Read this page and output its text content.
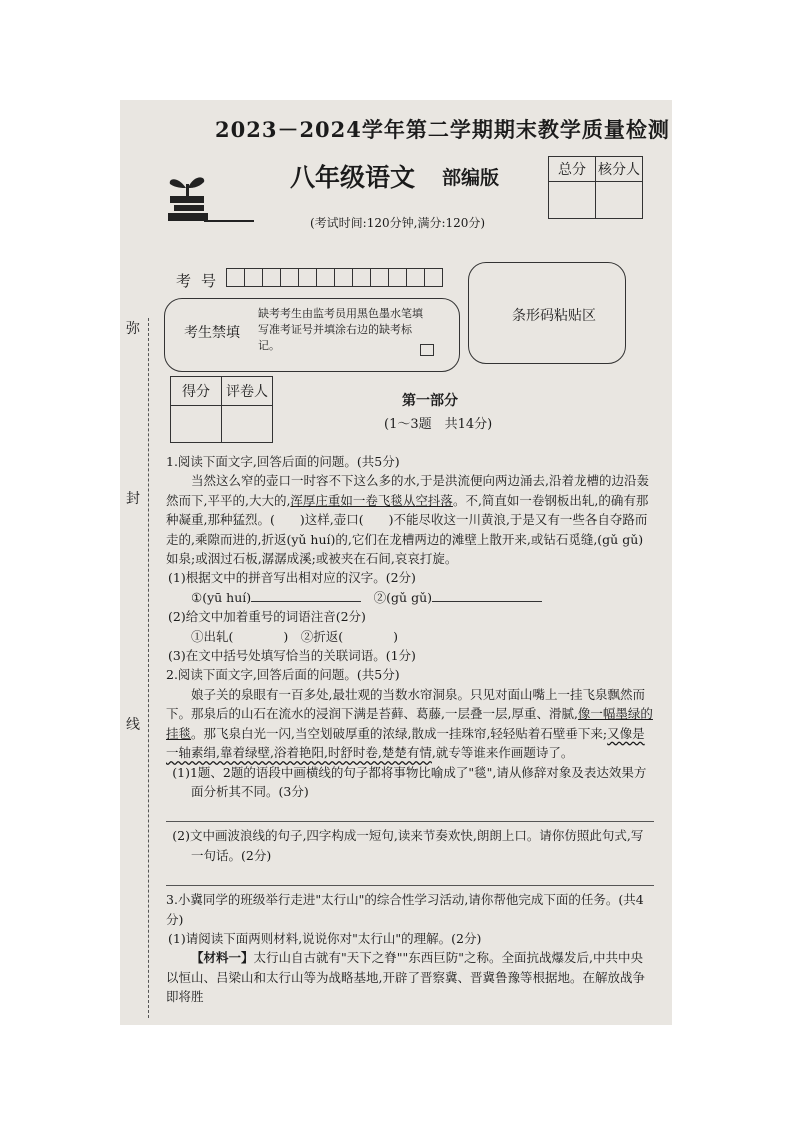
2023－2024学年第二学期期末教学质量检测
八年级语文 部编版
(考试时间:120分钟,满分:120分)
总分	核分人

弥
封
线
考号
考生禁填
缺考考生由监考员用黑色墨水笔填写准考证号并填涂右边的缺考标记。
条形码粘贴区
得分	评卷人

第一部分
(1～3题　共14分)

1.阅读下面文字,回答后面的问题。(共5分)

当然这么窄的壶口一时容不下这么多的水,于是洪流便向两边涌去,沿着龙槽的边沿轰然而下,平平的,大大的,浑厚庄重如一卷飞毯从空抖落。不,简直如一卷钢板出轧,的确有那种凝重,那种猛烈。(　　)这样,壶口(　　)不能尽收这一川黄浪,于是又有一些各自夺路而走的,乘隙而进的,折返(yǔ huí)的,它们在龙槽两边的滩壁上散开来,或钻石觅缝,(gǔ gǔ)如泉;或洇过石板,潺潺成溪;或被夹在石间,哀哀打旋。

(1)根据文中的拼音写出相对应的汉字。(2分)

①(yū huí)　	②(gǔ gǔ)

(2)给文中加着重号的词语注音(2分)

①出轧(　　　　)　②折返(　　　　)

(3)在文中括号处填写恰当的关联词语。(1分)

2.阅读下面文字,回答后面的问题。(共5分)

娘子关的泉眼有一百多处,最壮观的当数水帘洞泉。只见对面山嘴上一挂飞泉飘然而下。那泉后的山石在流水的浸润下满是苔藓、葛藤,一层叠一层,厚重、滑腻,像一幅墨绿的挂毯。那飞泉白光一闪,当空划破厚重的浓绿,散成一挂珠帘,轻轻贴着石壁垂下来;又像是一轴素绢,靠着绿壁,浴着艳阳,时舒时卷,楚楚有情,就专等谁来作画题诗了。

(1)1题、2题的语段中画横线的句子都将事物比喻成了"毯",请从修辞对象及表达效果方面分析其不同。(3分)

(2)文中画波浪线的句子,四字构成一短句,读来节奏欢快,朗朗上口。请你仿照此句式,写一句话。(2分)

3.小冀同学的班级举行走进"太行山"的综合性学习活动,请你帮他完成下面的任务。(共4分)

(1)请阅读下面两则材料,说说你对"太行山"的理解。(2分)

【材料一】太行山自古就有"天下之脊""东西巨防"之称。全面抗战爆发后,中共中央以恒山、吕梁山和太行山等为战略基地,开辟了晋察冀、晋冀鲁豫等根据地。在解放战争即将胜
